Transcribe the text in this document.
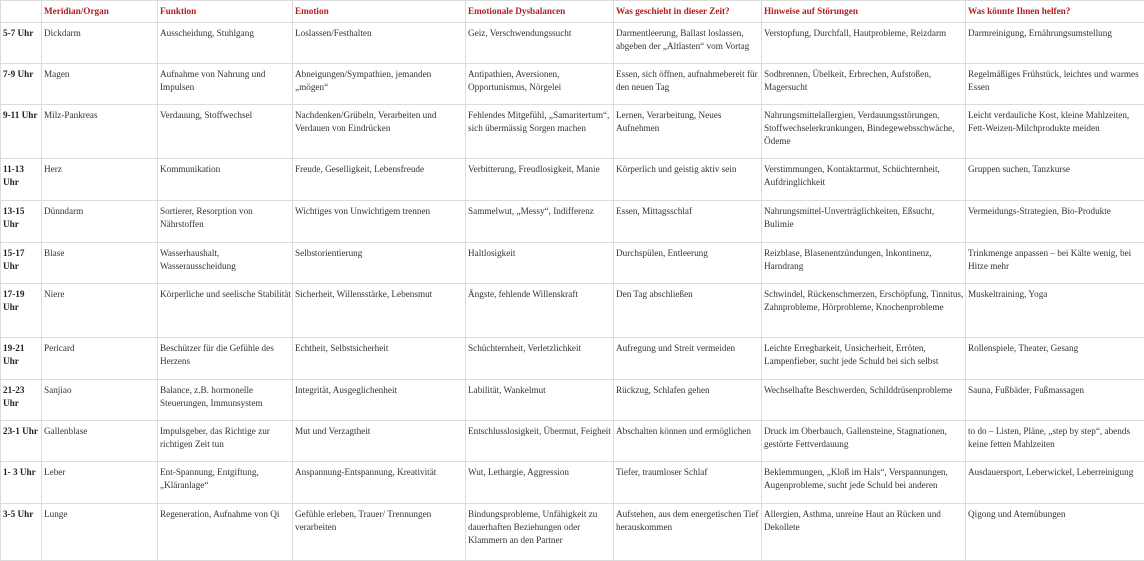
	Meridian/Organ	Funktion	Emotion	Emotionale Dysbalancen	Was geschieht in dieser Zeit?	Hinweise auf Störungen	Was könnte Ihnen helfen?
5-7 Uhr	Dickdarm	Ausscheidung, Stuhlgang	Loslassen/Festhalten	Geiz, Verschwendungssucht	Darmentleerung, Ballast loslassen, abgeben der „Altlasten“ vom Vortag	Verstopfung, Durchfall, Hautprobleme, Reizdarm	Darmreinigung, Ernährungsumstellung
7-9 Uhr	Magen	Aufnahme von Nahrung und Impulsen	Abneigungen/Sympathien, jemanden „mögen“	Antipathien, Aversionen, Opportunismus, Nörgelei	Essen, sich öffnen, aufnahmebereit für den neuen Tag	Sodbrennen, Übelkeit, Erbrechen, Aufstoßen, Magersucht	Regelmäßiges Frühstück, leichtes und warmes Essen
9-11 Uhr	Milz-Pankreas	Verdauung, Stoffwechsel	Nachdenken/Grübeln, Verarbeiten und Verdauen von Eindrücken	Fehlendes Mitgefühl, „Samaritertum“, sich übermässig Sorgen machen	Lernen, Verarbeitung, Neues Aufnehmen	Nahrungsmittelallergien, Verdauungsstörungen, Stoffwechselerkrankungen, Bindegewebsschwäche, Ödeme	Leicht verdauliche Kost, kleine Mahlzeiten, Fett-Weizen-Milchprodukte meiden
11-13 Uhr	Herz	Kommunikation	Freude, Geselligkeit, Lebensfreude	Verbitterung, Freudlosigkeit, Manie	Körperlich und geistig aktiv sein	Verstimmungen, Kontaktarmut, Schüchternheit, Aufdringlichkeit	Gruppen suchen, Tanzkurse
13-15 Uhr	Dünndarm	Sortierer, Resorption von Nährstoffen	Wichtiges von Unwichtigem trennen	Sammelwut, „Messy“, Indifferenz	Essen, Mittagsschlaf	Nahrungsmittel-Unverträglichkeiten, Eßsucht, Bulimie	Vermeidungs-Strategien, Bio-Produkte
15-17 Uhr	Blase	Wasserhaushalt, Wasserausscheidung	Selbstorientierung	Haltlosigkeit	Durchspülen, Entleerung	Reizblase, Blasenentzündungen, Inkontinenz, Harndrang	Trinkmenge anpassen – bei Kälte wenig, bei Hitze mehr
17-19 Uhr	Niere	Körperliche und seelische Stabilität	Sicherheit, Willensstärke, Lebensmut	Ängste, fehlende Willenskraft	Den Tag abschließen	Schwindel, Rückenschmerzen, Erschöpfung, Tinnitus, Zahnprobleme, Hörprobleme, Knochenprobleme	Muskeltraining, Yoga
19-21 Uhr	Pericard	Beschützer für die Gefühle des Herzens	Echtheit, Selbstsicherheit	Schüchternheit, Verletzlichkeit	Aufregung und Streit vermeiden	Leichte Erregbarkeit, Unsicherheit, Erröten, Lampenfieber, sucht jede Schuld bei sich selbst	Rollenspiele, Theater, Gesang
21-23 Uhr	Sanjiao	Balance, z.B. hormonelle Steuerungen, Immunsystem	Integrität, Ausgeglichenheit	Labilität, Wankelmut	Rückzug, Schlafen gehen	Wechselhafte Beschwerden, Schilddrüsenprobleme	Sauna, Fußbäder, Fußmassagen
23-1 Uhr	Gallenblase	Impulsgeber, das Richtige zur richtigen Zeit tun	Mut und Verzagtheit	Entschlusslosigkeit, Übermut, Feigheit	Abschalten können und ermöglichen	Druck im Oberbauch, Gallensteine, Stagnationen, gestörte Fettverdauung	to do – Listen, Pläne, „step by step“, abends keine fetten Mahlzeiten
1- 3 Uhr	Leber	Ent-Spannung, Entgiftung, „Kläranlage“	Anspannung-Entspannung, Kreativität	Wut, Lethargie, Aggression	Tiefer, traumloser Schlaf	Beklemmungen, „Kloß im Hals“, Verspannungen, Augenprobleme, sucht jede Schuld bei anderen	Ausdauersport, Leberwickel, Leberreinigung
3-5 Uhr	Lunge	Regeneration, Aufnahme von Qi	Gefühle erleben, Trauer/ Trennungen verarbeiten	Bindungsprobleme, Unfähigkeit zu dauerhaften Beziehungen oder Klammern an den Partner	Aufstehen, aus dem energetischen Tief herauskommen	Allergien, Asthma, unreine Haut an Rücken und Dekollete	Qigong und Atemübungen
